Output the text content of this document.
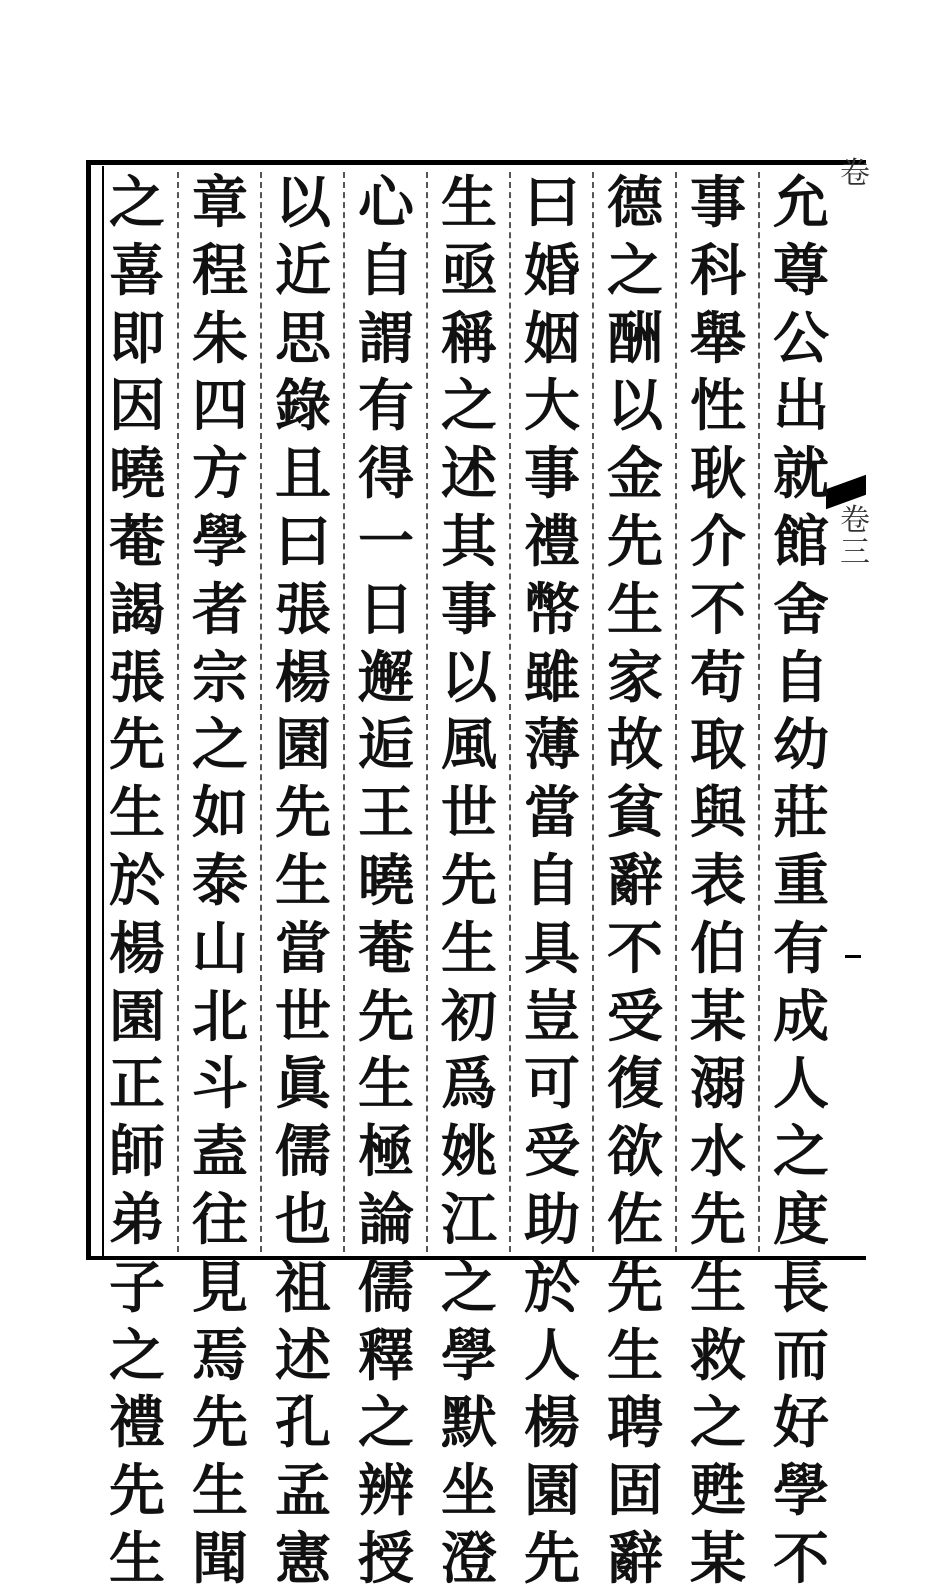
卷
卷三
允
尊
公
出
就
館
舍
自
幼
莊
重
有
成
人
之
度
長
而
好
學
不
事
科
舉
性
耿
介
不
苟
取
與
表
伯
某
溺
水
先
生
救
之
甦
某
德
之
酬
以
金
先
生
家
故
貧
辭
不
受
復
欲
佐
先
生
聘
固
辭
曰
婚
姻
大
事
禮
幣
雖
薄
當
自
具
豈
可
受
助
於
人
楊
園
先
生
亟
稱
之
述
其
事
以
風
世
先
生
初
爲
姚
江
之
學
默
坐
澄
心
自
謂
有
得
一
日
邂
逅
王
曉
菴
先
生
極
論
儒
釋
之
辨
授
以
近
思
錄
且
曰
張
楊
園
先
生
當
世
眞
儒
也
祖
述
孔
孟
憲
章
程
朱
四
方
學
者
宗
之
如
泰
山
北
斗
盍
往
見
焉
先
生
聞
之
喜
即
因
曉
菴
謁
張
先
生
於
楊
園
正
師
弟
子
之
禮
先
生
